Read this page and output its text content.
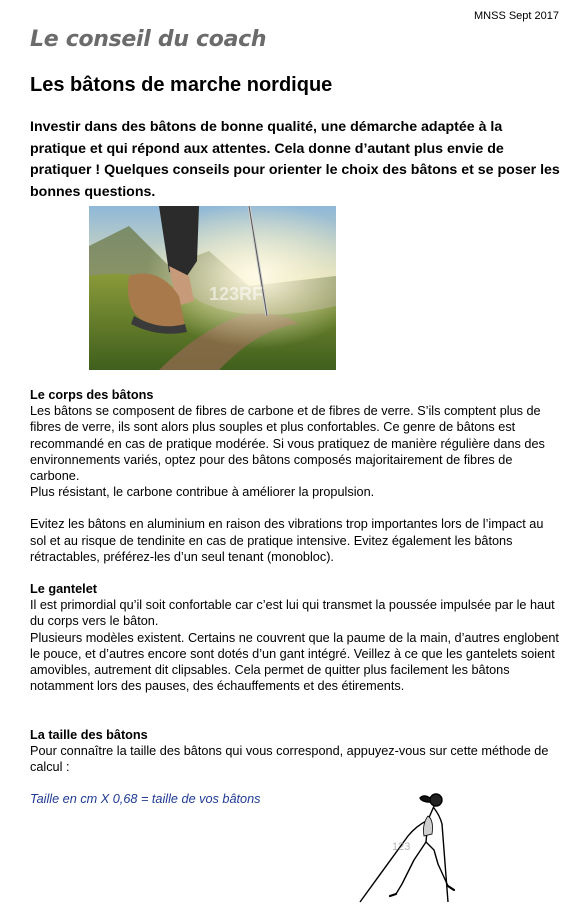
MNSS Sept 2017
Le conseil du coach
Les bâtons de marche nordique

Investir dans des bâtons de bonne qualité, une démarche adaptée à la pratique et qui répond aux attentes. Cela donne d’autant plus envie de pratiquer ! Quelques conseils pour orienter le choix des bâtons et se poser les bonnes questions.

123RF
Le corps des bâtons

Les bâtons se composent de fibres de carbone et de fibres de verre. S’ils comptent plus de fibres de verre, ils sont alors plus souples et plus confortables. Ce genre de bâtons est recommandé en cas de pratique modérée. Si vous pratiquez de manière régulière dans des environnements variés, optez pour des bâtons composés majoritairement de fibres de carbone.

Plus résistant, le carbone contribue à améliorer la propulsion.

Evitez les bâtons en aluminium en raison des vibrations trop importantes lors de l’impact au sol et au risque de tendinite en cas de pratique intensive. Evitez également les bâtons rétractables, préférez-les d’un seul tenant (monobloc).

Le gantelet

Il est primordial qu’il soit confortable car c’est lui qui transmet la poussée impulsée par le haut du corps vers le bâton.

Plusieurs modèles existent. Certains ne couvrent que la paume de la main, d’autres englobent le pouce, et d’autres encore sont dotés d’un gant intégré. Veillez à ce que les gantelets soient amovibles, autrement dit clipsables. Cela permet de quitter plus facilement les bâtons notamment lors des pauses, des échauffements et des étirements.

La taille des bâtons

Pour connaître la taille des bâtons qui vous correspond, appuyez-vous sur cette méthode de calcul :

Taille en cm X 0,68 = taille de vos bâtons
123
